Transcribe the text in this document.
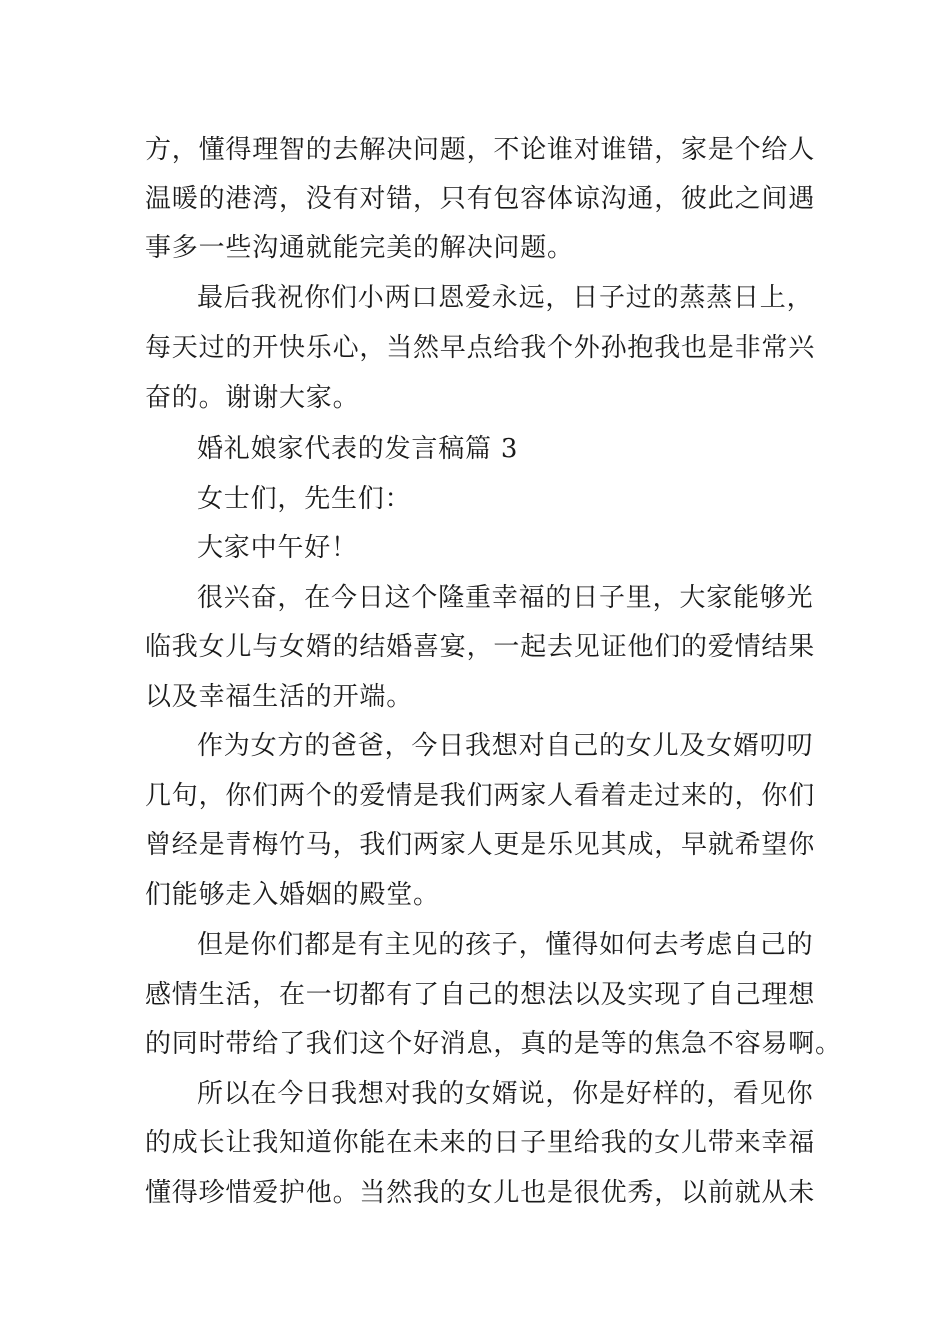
方，懂得理智的去解决问题，不论谁对谁错，家是个给人
温暖的港湾，没有对错，只有包容体谅沟通，彼此之间遇
事多一些沟通就能完美的解决问题。
最后我祝你们小两口恩爱永远，日子过的蒸蒸日上，
每天过的开快乐心，当然早点给我个外孙抱我也是非常兴
奋的。谢谢大家。
婚礼娘家代表的发言稿篇 3
女士们，先生们：
大家中午好！
很兴奋，在今日这个隆重幸福的日子里，大家能够光
临我女儿与女婿的结婚喜宴，一起去见证他们的爱情结果
以及幸福生活的开端。
作为女方的爸爸，今日我想对自己的女儿及女婿叨叨
几句，你们两个的爱情是我们两家人看着走过来的，你们
曾经是青梅竹马，我们两家人更是乐见其成，早就希望你
们能够走入婚姻的殿堂。
但是你们都是有主见的孩子，懂得如何去考虑自己的
感情生活，在一切都有了自己的想法以及实现了自己理想
的同时带给了我们这个好消息，真的是等的焦急不容易啊。
所以在今日我想对我的女婿说，你是好样的，看见你
的成长让我知道你能在未来的日子里给我的女儿带来幸福
懂得珍惜爱护他。当然我的女儿也是很优秀，以前就从未
